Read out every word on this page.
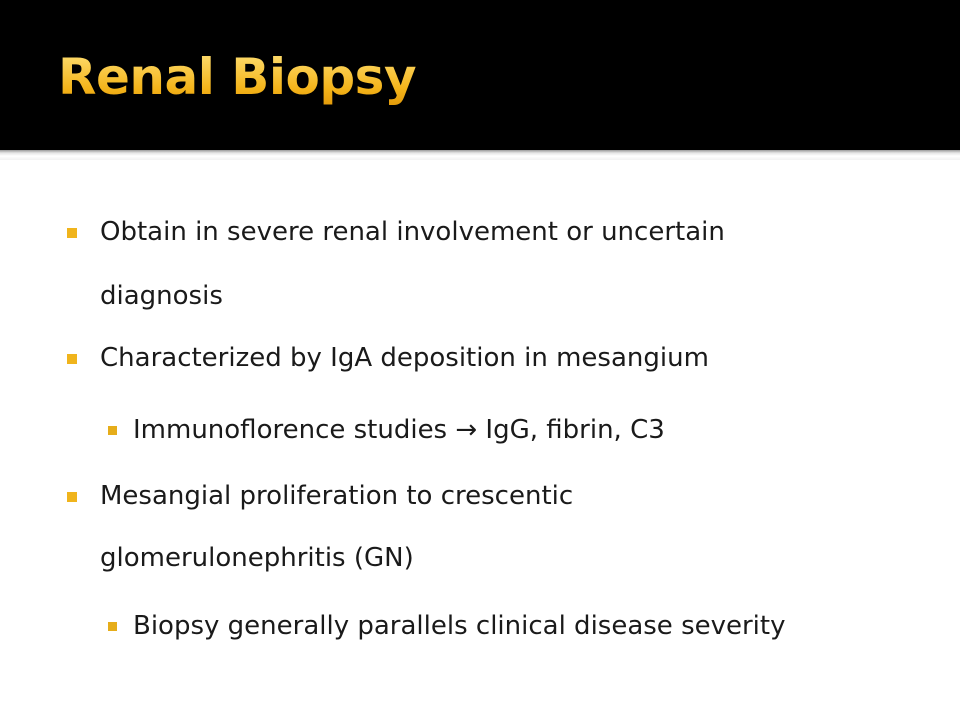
Renal Biopsy
Obtain in severe renal involvement or uncertain
diagnosis
Characterized by IgA deposition in mesangium
Immunoflorence studies → IgG, fibrin, C3
Mesangial proliferation to crescentic
glomerulonephritis (GN)
Biopsy generally parallels clinical disease severity
